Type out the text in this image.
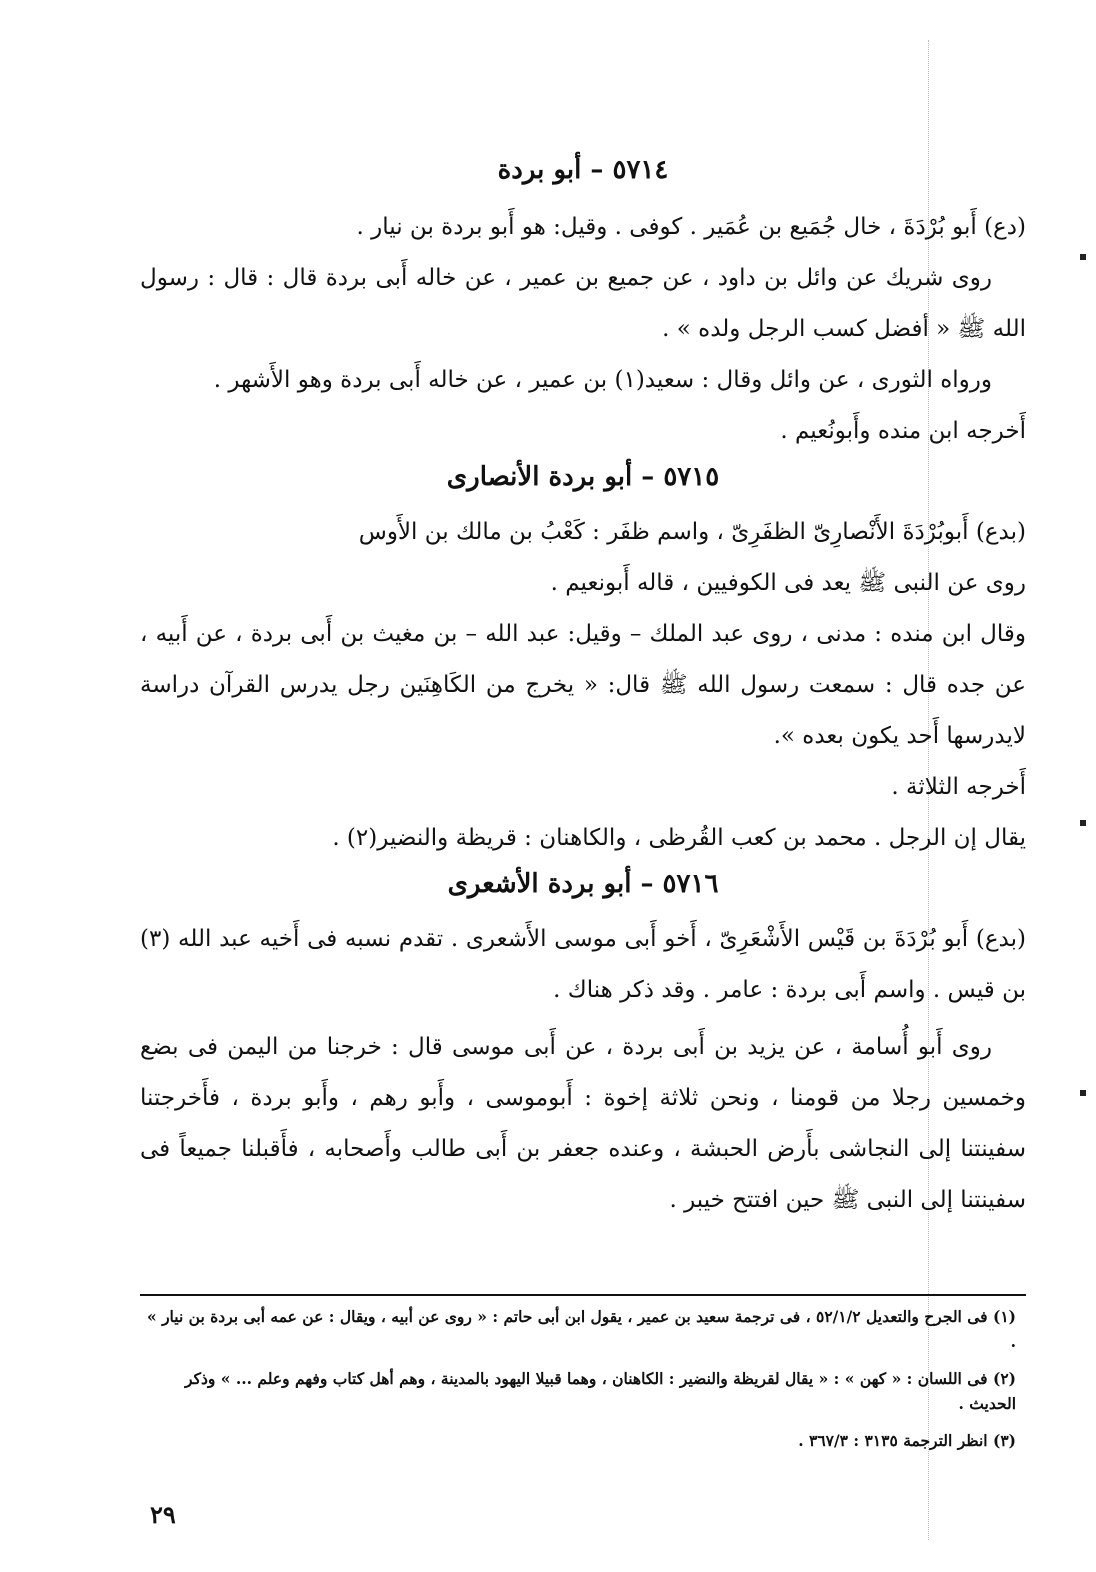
٥٧١٤ – أبو بردة

(دع) أَبو بُرْدَةَ ، خال جُمَيع بن عُمَير . كوفى . وقيل: هو أَبو بردة بن نيار .

روى شريك عن وائل بن داود ، عن جميع بن عمير ، عن خاله أَبى بردة قال : قال : رسول الله ﷺ « أفضل كسب الرجل ولده » .

ورواه الثورى ، عن وائل وقال : سعيد(١) بن عمير ، عن خاله أَبى بردة وهو الأَشهر .

أَخرجه ابن منده وأَبونُعيم .

٥٧١٥ – أبو بردة الأنصارى

(بدع) أَبوبُرْدَةَ الأَنْصارِىّ الظفَرِىّ ، واسم ظفَر : كَعْبُ بن مالك بن الأَوس

روى عن النبى ﷺ يعد فى الكوفيين ، قاله أَبونعيم .

وقال ابن منده : مدنى ، روى عبد الملك – وقيل: عبد الله – بن مغيث بن أَبى بردة ، عن أَبيه ، عن جده قال : سمعت رسول الله ﷺ قال: « يخرج من الكَاهِنَين رجل يدرس القرآن دراسة لايدرسها أَحد يكون بعده ».

أَخرجه الثلاثة .

يقال إن الرجل . محمد بن كعب القُرظى ، والكاهنان : قريظة والنضير(٢) .

٥٧١٦ – أبو بردة الأشعرى

(بدع) أَبو بُرْدَةَ بن قَيْس الأَشْعَرِىّ ، أَخو أَبى موسى الأَشعرى . تقدم نسبه فى أَخيه عبد الله (٣) بن قيس . واسم أَبى بردة : عامر . وقد ذكر هناك .

روى أَبو أُسامة ، عن يزيد بن أَبى بردة ، عن أَبى موسى قال : خرجنا من اليمن فى بضع وخمسين رجلا من قومنا ، ونحن ثلاثة إخوة : أَبوموسى ، وأَبو رهم ، وأَبو بردة ، فأَخرجتنا سفينتنا إلى النجاشى بأَرض الحبشة ، وعنده جعفر بن أَبى طالب وأَصحابه ، فأَقبلنا جميعاً فى سفينتنا إلى النبى ﷺ حين افتتح خيبر .

(١) فى الجرح والتعديل ٥٢/١/٢ ، فى ترجمة سعيد بن عمير ، يقول ابن أبى حاتم : « روى عن أبيه ، ويقال : عن عمه أبى بردة بن نيار » .

(٢) فى اللسان : « كهن » : « يقال لقريظة والنضير : الكاهنان ، وهما قبيلا اليهود بالمدينة ، وهم أهل كتاب وفهم وعلم ... » وذكر الحديث .

(٣) انظر الترجمة ٣١٣٥ : ٣٦٧/٣ .

٢٩
